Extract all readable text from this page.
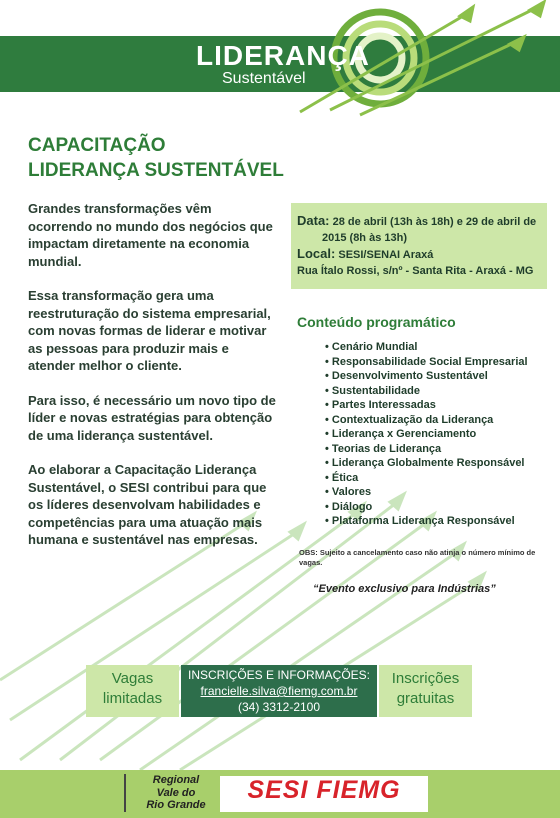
LIDERANÇA
Sustentável
CAPACITAÇÃO
LIDERANÇA SUSTENTÁVEL

Grandes transformações vêm ocorrendo no mundo dos negócios que impactam diretamente na economia mundial.

Essa transformação gera uma reestruturação do sistema empresarial, com novas formas de liderar e motivar as pessoas para produzir mais e atender melhor o cliente.

Para isso, é necessário um novo tipo de líder e novas estratégias para obtenção de uma liderança sustentável.

Ao elaborar a Capacitação Liderança Sustentável, o SESI contribui para que os líderes desenvolvam habilidades e competências para uma atuação mais humana e sustentável nas empresas.

Data: 28 de abril (13h às 18h) e 29 de abril de
2015 (8h às 13h)
Local: SESI/SENAI Araxá
Rua Ítalo Rossi, s/nº - Santa Rita - Araxá - MG
Conteúdo programático
• Cenário Mundial
• Responsabilidade Social Empresarial
• Desenvolvimento Sustentável
• Sustentabilidade
• Partes Interessadas
• Contextualização da Liderança
• Liderança x Gerenciamento
• Teorias de Liderança
• Liderança Globalmente Responsável
• Ética
• Valores
• Diálogo
• Plataforma Liderança Responsável
OBS: Sujeito a cancelamento caso não atinja o número mínimo de vagas.
“Evento exclusivo para Indústrias”
Vagas
limitadas
INSCRIÇÕES E INFORMAÇÕES:
francielle.silva@fiemg.com.br
(34) 3312-2100
Inscrições
gratuitas
Regional
Vale do
Rio Grande
SESI FIEMG
